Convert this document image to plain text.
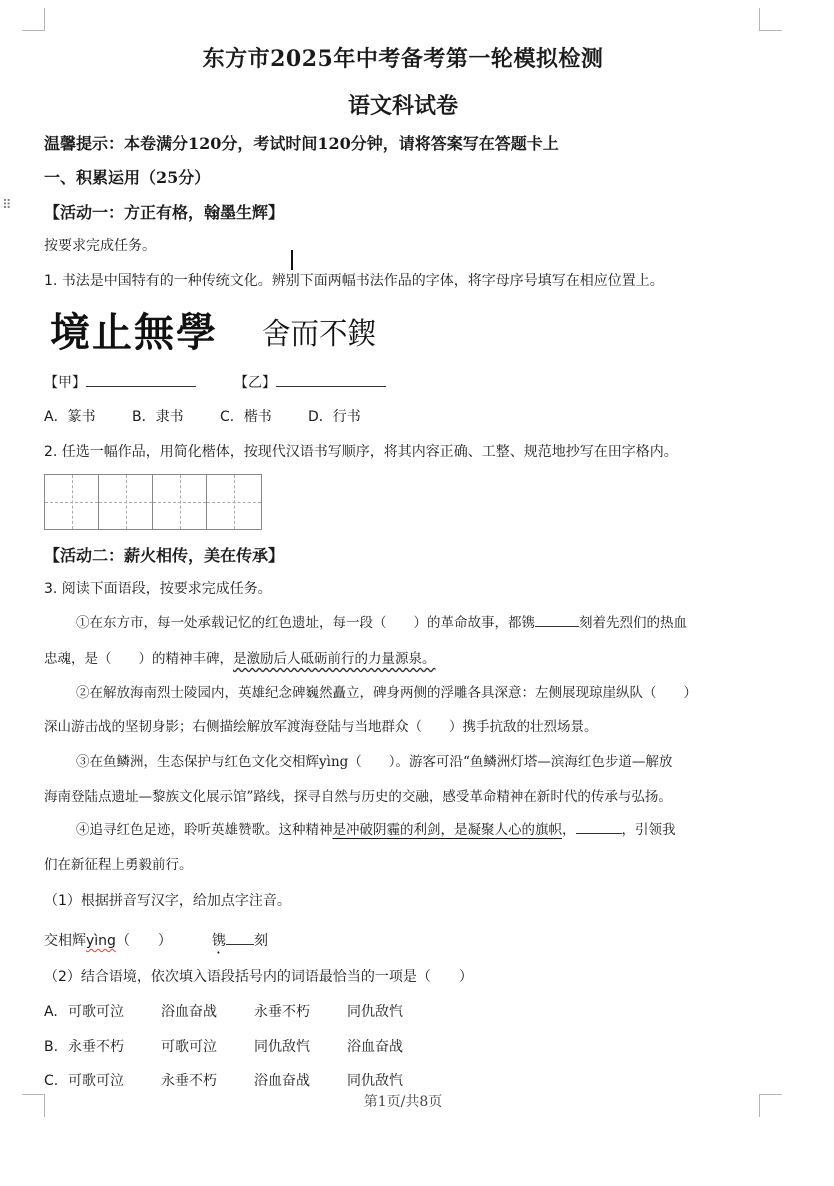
⠿
东方市2025年中考备考第一轮模拟检测
语文科试卷
温馨提示：本卷满分120分，考试时间120分钟，请将答案写在答题卡上
一、积累运用（25分）
【活动一：方正有格，翰墨生辉】
按要求完成任务。
1. 书法是中国特有的一种传统文化。辨别下面两幅书法作品的字体，将字母序号填写在相应位置上。
境止無學 舍而不鍥
【甲】	【乙】
A．篆书	B．隶书	C．楷书	D．行书
2. 任选一幅作品，用简化楷体，按现代汉语书写顺序，将其内容正确、工整、规范地抄写在田字格内。
【活动二：薪火相传，美在传承】
3. 阅读下面语段，按要求完成任务。
①在东方市，每一处承载记忆的红色遗址，每一段（　　）的革命故事，都镌	刻着先烈们的热血
忠魂，是（　　）的精神丰碑，是激励后人砥砺前行的力量源泉。
②在解放海南烈士陵园内，英雄纪念碑巍然矗立，碑身两侧的浮雕各具深意：左侧展现琼崖纵队（　　）
深山游击战的坚韧身影；右侧描绘解放军渡海登陆与当地群众（　　）携手抗敌的壮烈场景。
③在鱼鳞洲，生态保护与红色文化交相辉yìng（　　）。游客可沿“鱼鳞洲灯塔—滨海红色步道—解放
海南登陆点遗址—黎族文化展示馆”路线，探寻自然与历史的交融，感受革命精神在新时代的传承与弘扬。
④追寻红色足迹，聆听英雄赞歌。这种精神是冲破阴霾的利剑，是凝聚人心的旗帜，	，引领我
们在新征程上勇毅前行。
（1）根据拼音写汉字，给加点字注音。
交相辉yìng（　　）	镌 刻
（2）结合语境，依次填入语段括号内的词语最恰当的一项是（　　）
A. 可歌可泣	浴血奋战	永垂不朽	同仇敌忾
B. 永垂不朽	可歌可泣	同仇敌忾	浴血奋战
C. 可歌可泣	永垂不朽	浴血奋战	同仇敌忾
第1页/共8页
